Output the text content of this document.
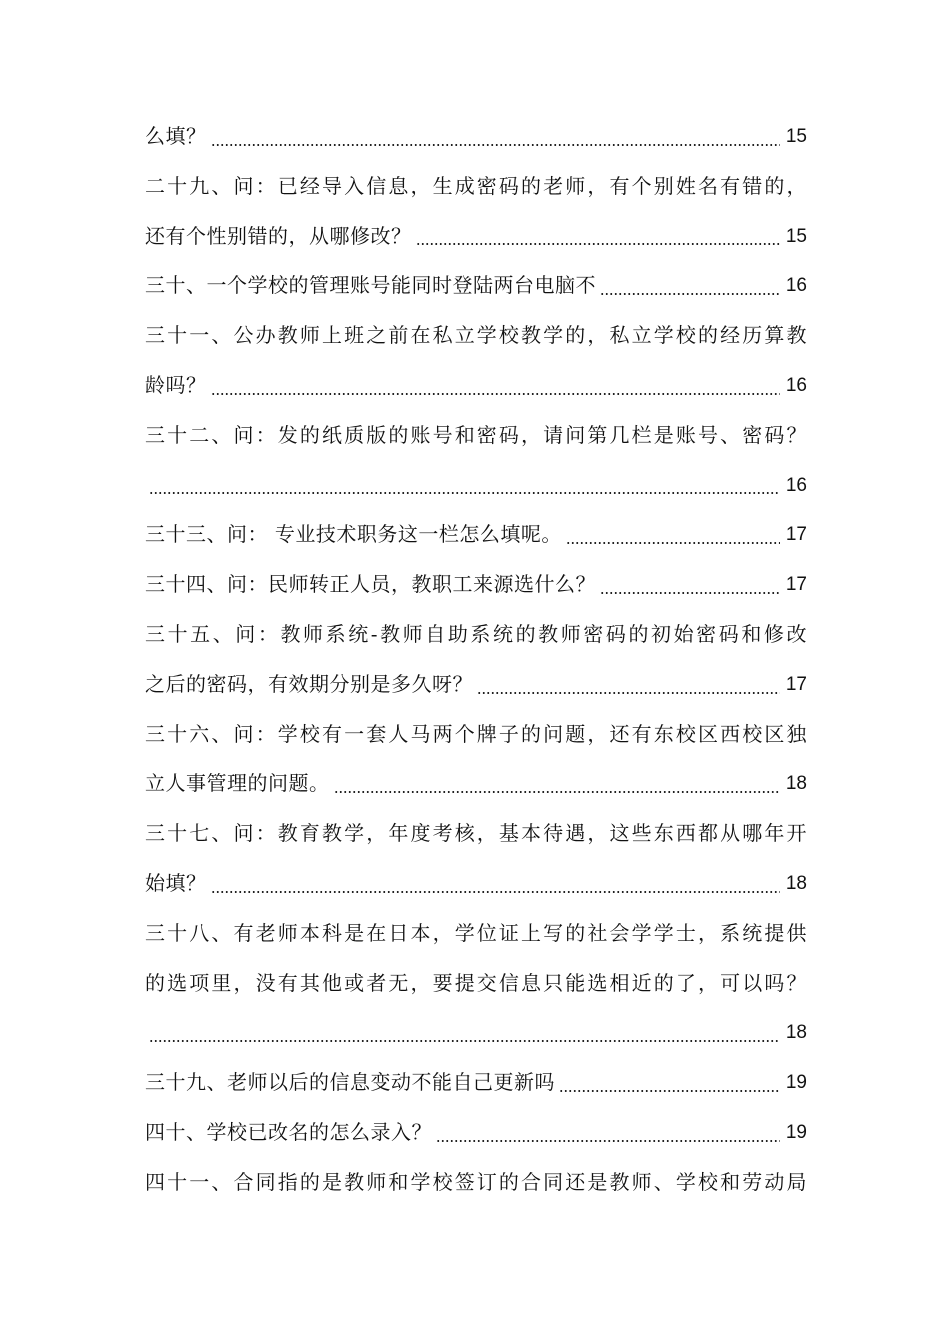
么填？	15
二十九、问：已经导入信息，生成密码的老师，有个别姓名有错的，
还有个性别错的，从哪修改？	15
三十、一个学校的管理账号能同时登陆两台电脑不	16
三十一、公办教师上班之前在私立学校教学的，私立学校的经历算教
龄吗？	16
三十二、问：发的纸质版的账号和密码，请问第几栏是账号、密码？
16
三十三、问： 专业技术职务这一栏怎么填呢。	17
三十四、问：民师转正人员，教职工来源选什么？	17
三十五、问：教师系统-教师自助系统的教师密码的初始密码和修改
之后的密码，有效期分别是多久呀？	17
三十六、问：学校有一套人马两个牌子的问题，还有东校区西校区独
立人事管理的问题。	18
三十七、问：教育教学，年度考核，基本待遇，这些东西都从哪年开
始填？	18
三十八、有老师本科是在日本，学位证上写的社会学学士，系统提供
的选项里，没有其他或者无，要提交信息只能选相近的了，可以吗？
18
三十九、老师以后的信息变动不能自己更新吗	19
四十、学校已改名的怎么录入？	19
四十一、合同指的是教师和学校签订的合同还是教师、学校和劳动局
